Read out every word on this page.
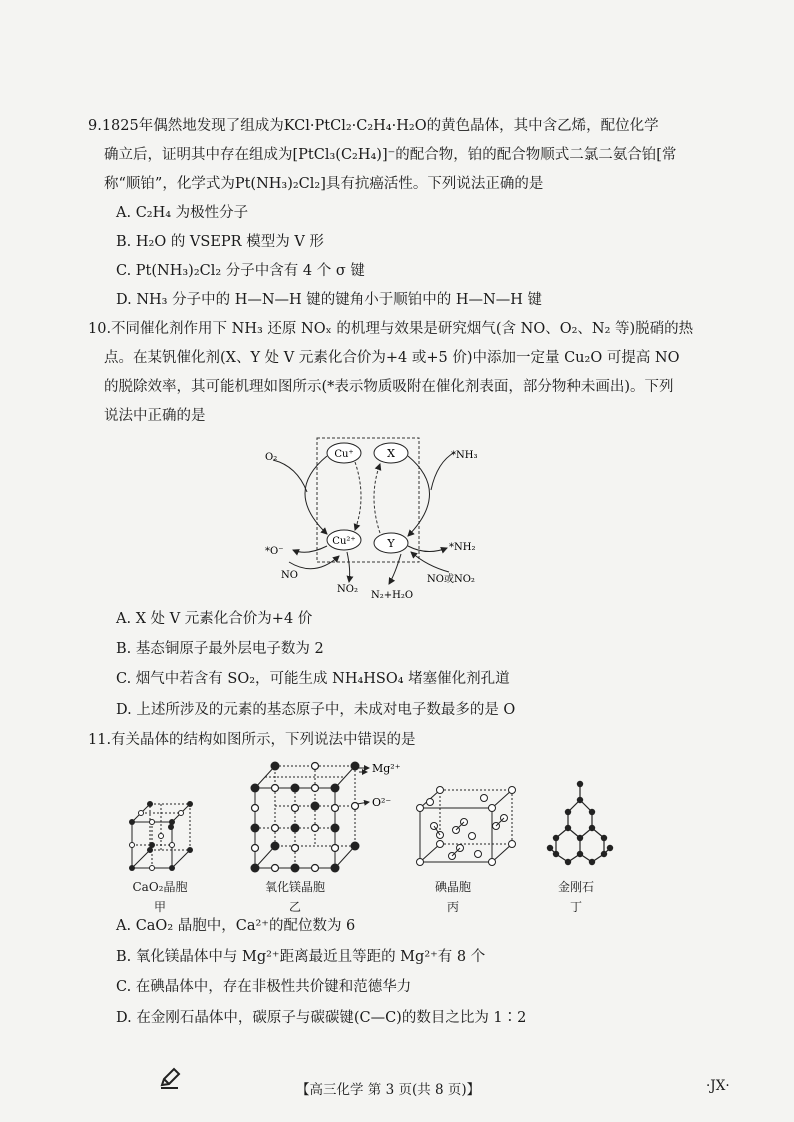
9.1825年偶然地发现了组成为KCl·PtCl₂·C₂H₄·H₂O的黄色晶体，其中含乙烯，配位化学
确立后，证明其中存在组成为[PtCl₃(C₂H₄)]⁻的配合物，铂的配合物顺式二氯二氨合铂[常
称“顺铂”，化学式为Pt(NH₃)₂Cl₂]具有抗癌活性。下列说法正确的是
A. C₂H₄ 为极性分子
B. H₂O 的 VSEPR 模型为 V 形
C. Pt(NH₃)₂Cl₂ 分子中含有 4 个 σ 键
D. NH₃ 分子中的 H—N—H 键的键角小于顺铂中的 H—N—H 键
10.不同催化剂作用下 NH₃ 还原 NOₓ 的机理与效果是研究烟气(含 NO、O₂、N₂ 等)脱硝的热
点。在某钒催化剂(X、Y 处 V 元素化合价为+4 或+5 价)中添加一定量 Cu₂O 可提高 NO
的脱除效率，其可能机理如图所示(*表示物质吸附在催化剂表面，部分物种未画出)。下列
说法中正确的是
Cu⁺	X
Cu²⁺	Y
O₂
*O⁻
NO
NO₂
*NH₃
*NH₂
NO或NO₂
N₂+H₂O
A. X 处 V 元素化合价为+4 价
B. 基态铜原子最外层电子数为 2
C. 烟气中若含有 SO₂，可能生成 NH₄HSO₄ 堵塞催化剂孔道
D. 上述所涉及的元素的基态原子中，未成对电子数最多的是 O
11.有关晶体的结构如图所示，下列说法中错误的是
CaO₂晶胞
甲
Mg²⁺
O²⁻
氧化镁晶胞
乙
碘晶胞
丙
金刚石
丁
A. CaO₂ 晶胞中，Ca²⁺的配位数为 6
B. 氧化镁晶体中与 Mg²⁺距离最近且等距的 Mg²⁺有 8 个
C. 在碘晶体中，存在非极性共价键和范德华力
D. 在金刚石晶体中，碳原子与碳碳键(C—C)的数目之比为 1∶2
【高三化学 第 3 页(共 8 页)】	·JX·
